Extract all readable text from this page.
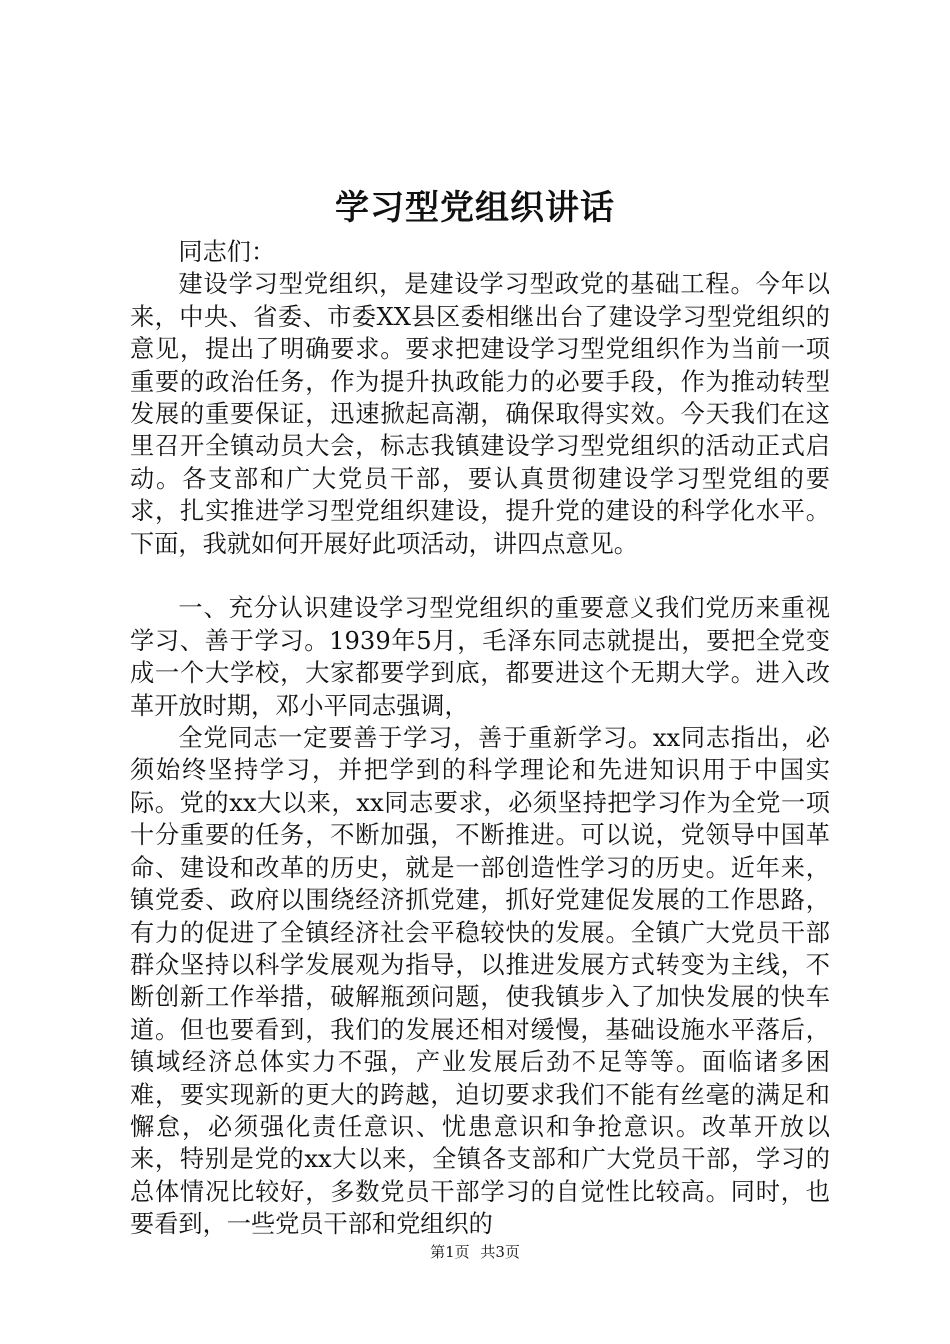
学习型党组织讲话

同志们：

建设学习型党组织，是建设学习型政党的基础工程。今年以来，中央、省委、市委XX县区委相继出台了建设学习型党组织的意见，提出了明确要求。要求把建设学习型党组织作为当前一项重要的政治任务，作为提升执政能力的必要手段，作为推动转型发展的重要保证，迅速掀起高潮，确保取得实效。今天我们在这里召开全镇动员大会，标志我镇建设学习型党组织的活动正式启动。各支部和广大党员干部，要认真贯彻建设学习型党组的要求，扎实推进学习型党组织建设，提升党的建设的科学化水平。下面，我就如何开展好此项活动，讲四点意见。

一、充分认识建设学习型党组织的重要意义我们党历来重视学习、善于学习。1939年5月，毛泽东同志就提出，要把全党变成一个大学校，大家都要学到底，都要进这个无期大学。进入改革开放时期，邓小平同志强调，

全党同志一定要善于学习，善于重新学习。xx同志指出，必须始终坚持学习，并把学到的科学理论和先进知识用于中国实际。党的xx大以来，xx同志要求，必须坚持把学习作为全党一项十分重要的任务，不断加强，不断推进。可以说，党领导中国革命、建设和改革的历史，就是一部创造性学习的历史。近年来，镇党委、政府以围绕经济抓党建，抓好党建促发展的工作思路，有力的促进了全镇经济社会平稳较快的发展。全镇广大党员干部群众坚持以科学发展观为指导，以推进发展方式转变为主线，不断创新工作举措，破解瓶颈问题，使我镇步入了加快发展的快车道。但也要看到，我们的发展还相对缓慢，基础设施水平落后，镇域经济总体实力不强，产业发展后劲不足等等。面临诸多困难，要实现新的更大的跨越，迫切要求我们不能有丝毫的满足和懈怠，必须强化责任意识、忧患意识和争抢意识。改革开放以来，特别是党的xx大以来，全镇各支部和广大党员干部，学习的总体情况比较好，多数党员干部学习的自觉性比较高。同时，也要看到，一些党员干部和党组织的

第1页 共3页
